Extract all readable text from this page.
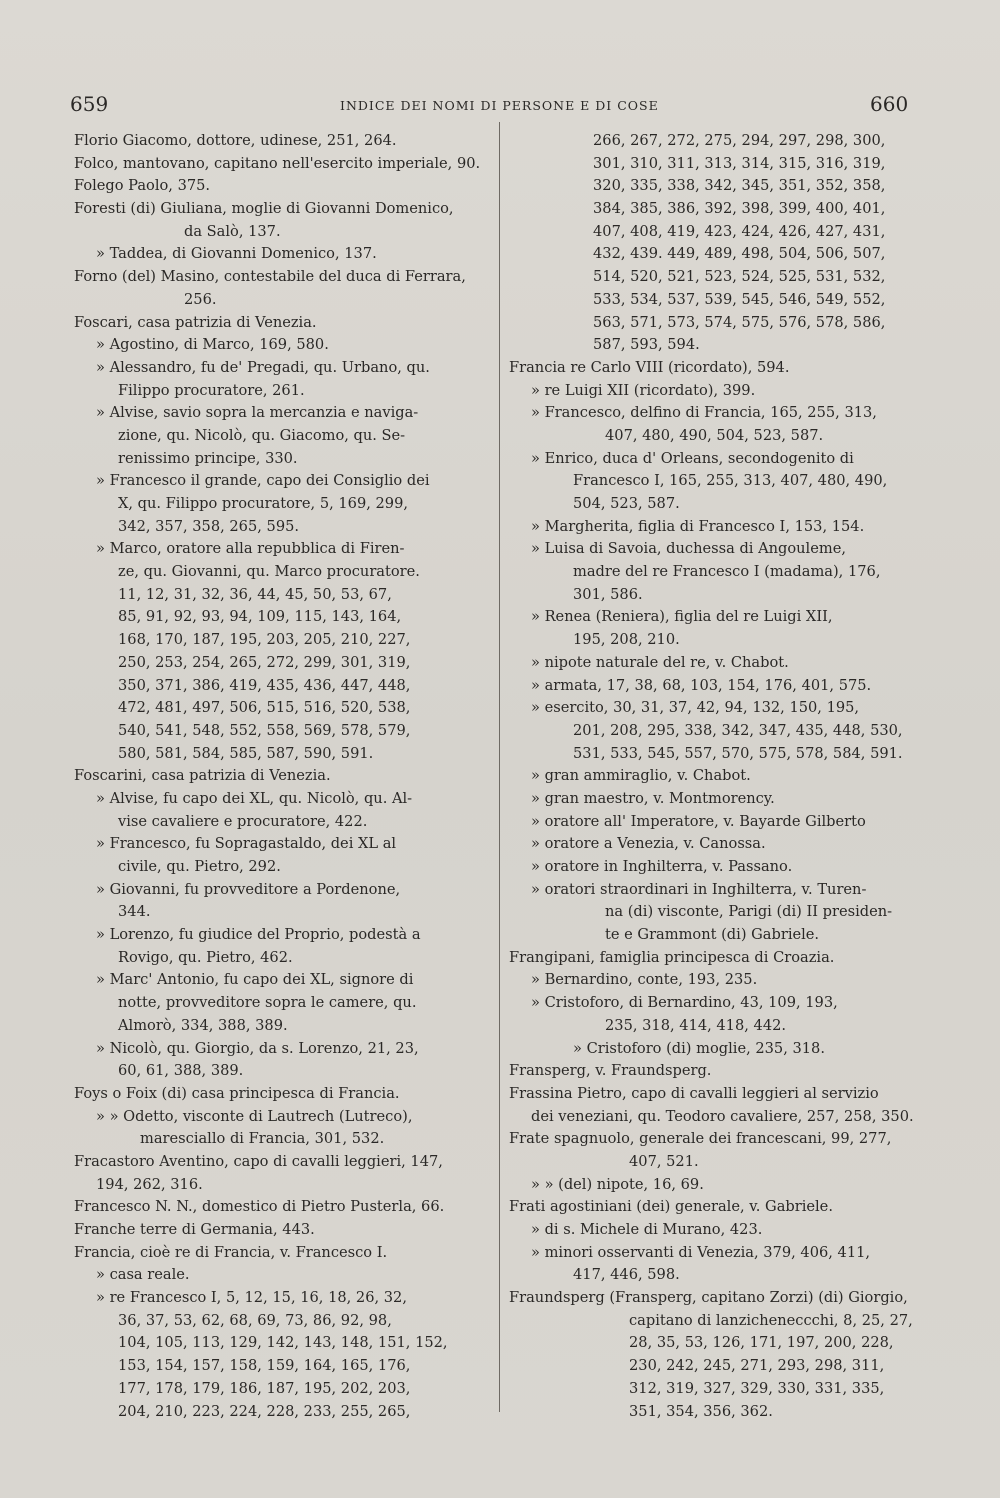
659	INDICE DEI NOMI DI PERSONE E DI COSE	660
Florio Giacomo, dottore, udinese, 251, 264.
Folco, mantovano, capitano nell'esercito imperiale, 90.
Folego Paolo, 375.
Foresti (di) Giuliana, moglie di Giovanni Domenico,
da Salò, 137.
» Taddea, di Giovanni Domenico, 137.
Forno (del) Masino, contestabile del duca di Ferrara,
256.
Foscari, casa patrizia di Venezia.
» Agostino, di Marco, 169, 580.
» Alessandro, fu de' Pregadi, qu. Urbano, qu.
Filippo procuratore, 261.
» Alvise, savio sopra la mercanzia e naviga-
zione, qu. Nicolò, qu. Giacomo, qu. Se-
renissimo principe, 330.
» Francesco il grande, capo dei Consiglio dei
X, qu. Filippo procuratore, 5, 169, 299,
342, 357, 358, 265, 595.
» Marco, oratore alla repubblica di Firen-
ze, qu. Giovanni, qu. Marco procuratore.
11, 12, 31, 32, 36, 44, 45, 50, 53, 67,
85, 91, 92, 93, 94, 109, 115, 143, 164,
168, 170, 187, 195, 203, 205, 210, 227,
250, 253, 254, 265, 272, 299, 301, 319,
350, 371, 386, 419, 435, 436, 447, 448,
472, 481, 497, 506, 515, 516, 520, 538,
540, 541, 548, 552, 558, 569, 578, 579,
580, 581, 584, 585, 587, 590, 591.
Foscarini, casa patrizia di Venezia.
» Alvise, fu capo dei XL, qu. Nicolò, qu. Al-
vise cavaliere e procuratore, 422.
» Francesco, fu Sopragastaldo, dei XL al
civile, qu. Pietro, 292.
» Giovanni, fu provveditore a Pordenone,
344.
» Lorenzo, fu giudice del Proprio, podestà a
Rovigo, qu. Pietro, 462.
» Marc' Antonio, fu capo dei XL, signore di
notte, provveditore sopra le camere, qu.
Almorò, 334, 388, 389.
» Nicolò, qu. Giorgio, da s. Lorenzo, 21, 23,
60, 61, 388, 389.
Foys o Foix (di) casa principesca di Francia.
» » Odetto, visconte di Lautrech (Lutreco),
maresciallo di Francia, 301, 532.
Fracastoro Aventino, capo di cavalli leggieri, 147,
194, 262, 316.
Francesco N. N., domestico di Pietro Pusterla, 66.
Franche terre di Germania, 443.
Francia, cioè re di Francia, v. Francesco I.
» casa reale.
» re Francesco I, 5, 12, 15, 16, 18, 26, 32,
36, 37, 53, 62, 68, 69, 73, 86, 92, 98,
104, 105, 113, 129, 142, 143, 148, 151, 152,
153, 154, 157, 158, 159, 164, 165, 176,
177, 178, 179, 186, 187, 195, 202, 203,
204, 210, 223, 224, 228, 233, 255, 265,
266, 267, 272, 275, 294, 297, 298, 300,
301, 310, 311, 313, 314, 315, 316, 319,
320, 335, 338, 342, 345, 351, 352, 358,
384, 385, 386, 392, 398, 399, 400, 401,
407, 408, 419, 423, 424, 426, 427, 431,
432, 439. 449, 489, 498, 504, 506, 507,
514, 520, 521, 523, 524, 525, 531, 532,
533, 534, 537, 539, 545, 546, 549, 552,
563, 571, 573, 574, 575, 576, 578, 586,
587, 593, 594.
Francia re Carlo VIII (ricordato), 594.
» re Luigi XII (ricordato), 399.
» Francesco, delfino di Francia, 165, 255, 313,
407, 480, 490, 504, 523, 587.
» Enrico, duca d' Orleans, secondogenito di
Francesco I, 165, 255, 313, 407, 480, 490,
504, 523, 587.
» Margherita, figlia di Francesco I, 153, 154.
» Luisa di Savoia, duchessa di Angouleme,
madre del re Francesco I (madama), 176,
301, 586.
» Renea (Reniera), figlia del re Luigi XII,
195, 208, 210.
» nipote naturale del re, v. Chabot.
» armata, 17, 38, 68, 103, 154, 176, 401, 575.
» esercito, 30, 31, 37, 42, 94, 132, 150, 195,
201, 208, 295, 338, 342, 347, 435, 448, 530,
531, 533, 545, 557, 570, 575, 578, 584, 591.
» gran ammiraglio, v. Chabot.
» gran maestro, v. Montmorency.
» oratore all' Imperatore, v. Bayarde Gilberto
» oratore a Venezia, v. Canossa.
» oratore in Inghilterra, v. Passano.
» oratori straordinari in Inghilterra, v. Turen-
na (di) visconte, Parigi (di) II presiden-
te e Grammont (di) Gabriele.
Frangipani, famiglia principesca di Croazia.
» Bernardino, conte, 193, 235.
» Cristoforo, di Bernardino, 43, 109, 193,
235, 318, 414, 418, 442.
» Cristoforo (di) moglie, 235, 318.
Fransperg, v. Fraundsperg.
Frassina Pietro, capo di cavalli leggieri al servizio
dei veneziani, qu. Teodoro cavaliere, 257, 258, 350.
Frate spagnuolo, generale dei francescani, 99, 277,
407, 521.
» » (del) nipote, 16, 69.
Frati agostiniani (dei) generale, v. Gabriele.
» di s. Michele di Murano, 423.
» minori osservanti di Venezia, 379, 406, 411,
417, 446, 598.
Fraundsperg (Fransperg, capitano Zorzi) (di) Giorgio,
capitano di lanzicheneccchi, 8, 25, 27,
28, 35, 53, 126, 171, 197, 200, 228,
230, 242, 245, 271, 293, 298, 311,
312, 319, 327, 329, 330, 331, 335,
351, 354, 356, 362.
